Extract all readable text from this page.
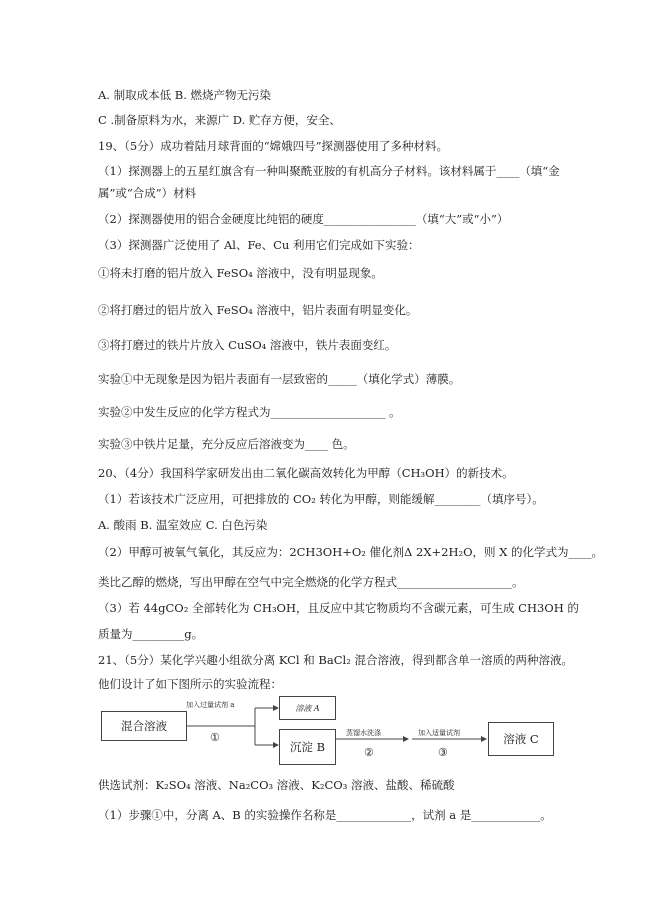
A. 制取成本低 B. 燃烧产物无污染
C .制备原料为水，来源广 D. 贮存方便，安全、
19、（5分）成功着陆月球背面的“嫦娥四号”探测器使用了多种材料。
（1）探测器上的五星红旗含有一种叫聚酰亚胺的有机高分子材料。该材料属于____（填“金
属”或“合成”）材料
（2）探测器使用的铝合金硬度比纯铝的硬度________________（填“大”或“小”）
（3）探测器广泛使用了 Al、Fe、Cu 利用它们完成如下实验：
①将未打磨的铝片放入 FeSO₄ 溶液中，没有明显现象。
②将打磨过的铝片放入 FeSO₄ 溶液中，铝片表面有明显变化。
③将打磨过的铁片片放入 CuSO₄ 溶液中，铁片表面变红。
实验①中无现象是因为铝片表面有一层致密的_____（填化学式）薄膜。
实验②中发生反应的化学方程式为____________________ 。
实验③中铁片足量，充分反应后溶液变为____ 色。
20、（4分）我国科学家研发出由二氧化碳高效转化为甲醇（CH₃OH）的新技术。
（1）若该技术广泛应用，可把排放的 CO₂ 转化为甲醇，则能缓解________（填序号）。
A. 酸雨 B. 温室效应 C. 白色污染
（2）甲醇可被氧气氧化，其反应为：2CH3OH+O₂ 催化剂Δ 2X+2H₂O，则 X 的化学式为____。
类比乙醇的燃烧，写出甲醇在空气中完全燃烧的化学方程式____________________。
（3）若 44gCO₂ 全部转化为 CH₃OH，且反应中其它物质均不含碳元素，可生成 CH3OH 的
质量为_________g。
21、（5分）某化学兴趣小组欲分离 KCl 和 BaCl₂ 混合溶液，得到都含单一溶质的两种溶液。
他们设计了如下图所示的实验流程：
供选试剂：K₂SO₄ 溶液、Na₂CO₃ 溶液、K₂CO₃ 溶液、盐酸、稀硫酸
（1）步骤①中，分离 A、B 的实验操作名称是_____________，试剂 a 是____________。
混合溶液
溶液 A
沉淀 B
溶液 C
加入过量试剂 a
蒸馏水洗涤	加入适量试剂
①
②	③
